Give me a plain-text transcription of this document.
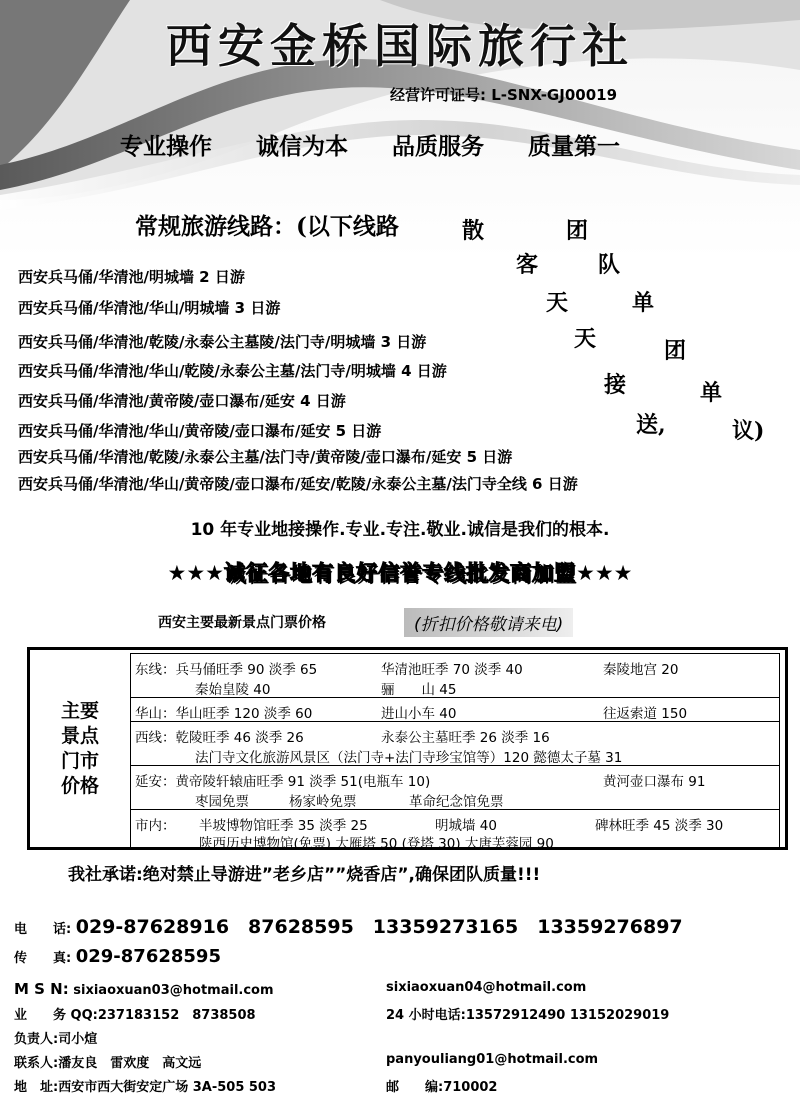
西安金桥国际旅行社
经营许可证号: L-SNX-GJ00019
专业操作 诚信为本 品质服务 质量第一
常规旅游线路：(以下线路	散	团
客	队
天	单
天	团
接	单
送,	议)
西安兵马俑/华清池/明城墙 2 日游
西安兵马俑/华清池/华山/明城墙 3 日游
西安兵马俑/华清池/乾陵/永泰公主墓陵/法门寺/明城墙 3 日游
西安兵马俑/华清池/华山/乾陵/永泰公主墓/法门寺/明城墙 4 日游
西安兵马俑/华清池/黄帝陵/壶口瀑布/延安 4 日游
西安兵马俑/华清池/华山/黄帝陵/壶口瀑布/延安 5 日游
西安兵马俑/华清池/乾陵/永泰公主墓/法门寺/黄帝陵/壶口瀑布/延安 5 日游
西安兵马俑/华清池/华山/黄帝陵/壶口瀑布/延安/乾陵/永泰公主墓/法门寺全线 6 日游
10 年专业地接操作.专业.专注.敬业.诚信是我们的根本.
★★★诚征各地有良好信誉专线批发商加盟★★★
西安主要最新景点门票价格	(折扣价格敬请来电)
主要
景点
门市
价格
东线：兵马俑旺季 90 淡季 65	华清池旺季 70 淡季 40	秦陵地宫 20
秦始皇陵 40	骊　　山 45
华山：华山旺季 120 淡季 60	进山小车 40	往返索道 150
西线：乾陵旺季 46 淡季 26	永泰公主墓旺季 26 淡季 16
法门寺文化旅游风景区（法门寺+法门寺珍宝馆等）120 懿德太子墓 31
延安：黄帝陵轩辕庙旺季 91 淡季 51(电瓶车 10)	黄河壶口瀑布 91
枣园免票	杨家岭免票	革命纪念馆免票
市内： 半坡博物馆旺季 35 淡季 25	明城墙 40	碑林旺季 45 淡季 30
陕西历史博物馆(免票) 大雁塔 50 (登塔 30) 大唐芙蓉园 90
我社承诺:绝对禁止导游进”老乡店””烧香店”,确保团队质量!!!
电　　话: 029-87628916　87628595　13359273165　13359276897
传　　真: 029-87628595
M S N: sixiaoxuan03@hotmail.com	sixiaoxuan04@hotmail.com
业　　务 QQ:237183152　8738508	24 小时电话:13572912490 13152029019
负责人:司小煊
联系人:潘友良　雷欢度　高文远	panyouliang01@hotmail.com
地　址:西安市西大街安定广场 3A-505 503	邮　　编:710002
